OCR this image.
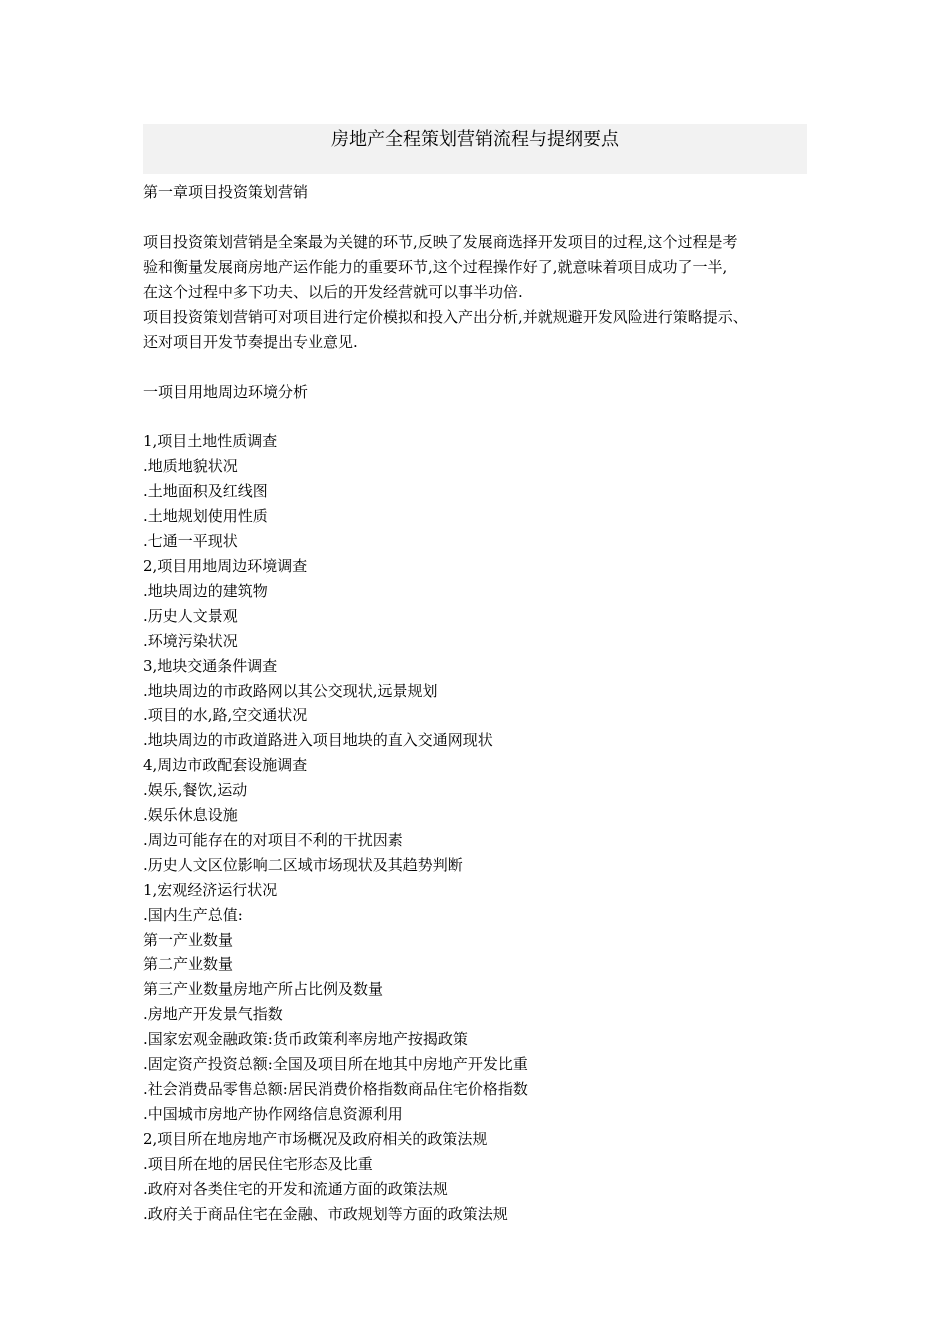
房地产全程策划营销流程与提纲要点
第一章项目投资策划营销
项目投资策划营销是全案最为关键的环节,反映了发展商选择开发项目的过程,这个过程是考
验和衡量发展商房地产运作能力的重要环节,这个过程操作好了,就意味着项目成功了一半,
在这个过程中多下功夫、以后的开发经营就可以事半功倍.
项目投资策划营销可对项目进行定价模拟和投入产出分析,并就规避开发风险进行策略提示、
还对项目开发节奏提出专业意见.
一项目用地周边环境分析
1,项目土地性质调查
.地质地貌状况
.土地面积及红线图
.土地规划使用性质
.七通一平现状
2,项目用地周边环境调查
.地块周边的建筑物
.历史人文景观
.环境污染状况
3,地块交通条件调查
.地块周边的市政路网以其公交现状,远景规划
.项目的水,路,空交通状况
.地块周边的市政道路进入项目地块的直入交通网现状
4,周边市政配套设施调查
.娱乐,餐饮,运动
.娱乐休息设施
.周边可能存在的对项目不利的干扰因素
.历史人文区位影响二区域市场现状及其趋势判断
1,宏观经济运行状况
.国内生产总值:
第一产业数量
第二产业数量
第三产业数量房地产所占比例及数量
.房地产开发景气指数
.国家宏观金融政策:货币政策利率房地产按揭政策
.固定资产投资总额:全国及项目所在地其中房地产开发比重
.社会消费品零售总额:居民消费价格指数商品住宅价格指数
.中国城市房地产协作网络信息资源利用
2,项目所在地房地产市场概况及政府相关的政策法规
.项目所在地的居民住宅形态及比重
.政府对各类住宅的开发和流通方面的政策法规
.政府关于商品住宅在金融、市政规划等方面的政策法规
